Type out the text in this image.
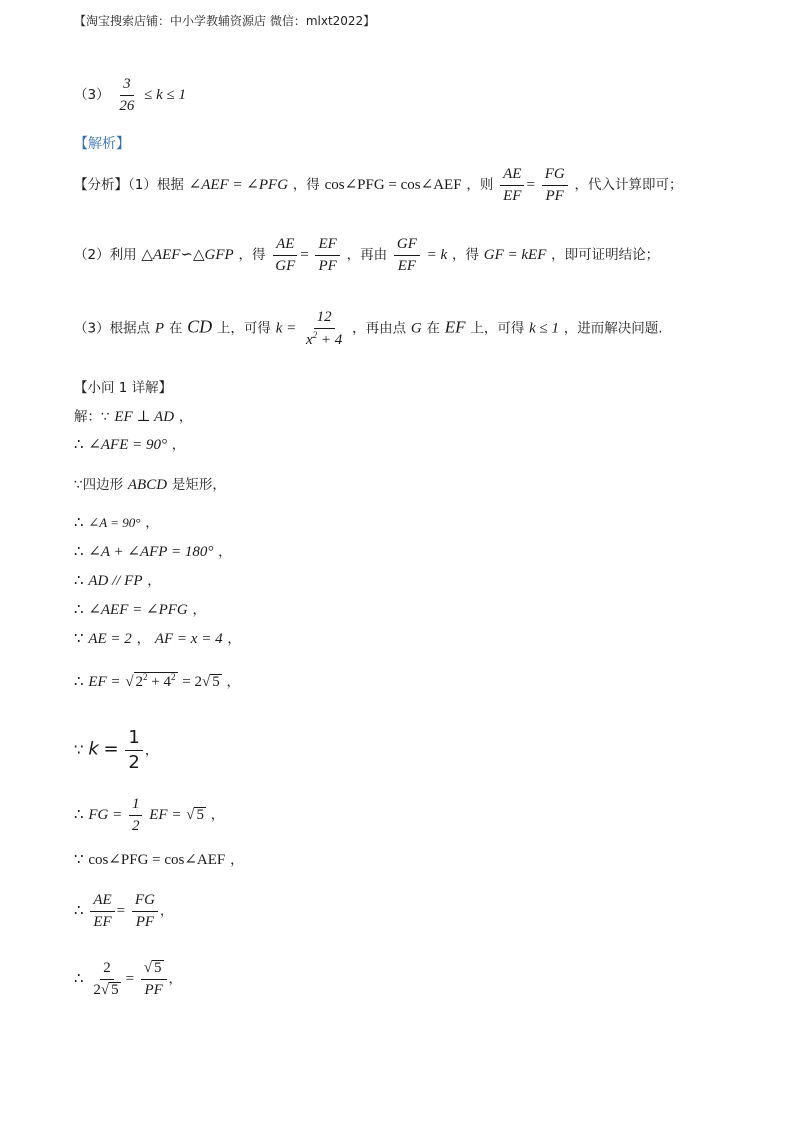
【淘宝搜索店铺：中小学教辅资源店 微信：mlxt2022】
$(3) \frac{3}{26} \le k \le 1$
【解析】
【分析】（1）根据 ∠AEF = ∠PFG ，得 cos∠PFG = cos∠AEF ，则 $\frac{AE}{EF} = \frac{FG}{PF}$ ，代入计算即可；
（2）利用 △AEF∽△GFP ，得 $\frac{AE}{GF} = \frac{EF}{PF}$ ，再由 $\frac{GF}{EF} = k$ ，得 GF = kEF ，即可证明结论；
（3）根据点 P 在 CD 上，可得 $k = \frac{12}{x^2 + 4}$ ，再由点 G 在 EF 上，可得 k ≤ 1 ，进而解决问题.
【小问 1 详解】
解：∵ EF ⊥ AD ，
∴ ∠AFE = 90° ，
∵四边形 ABCD 是矩形，
∴ ∠A = 90° ，
∴ ∠A + ∠AFP = 180° ，
∴ AD // FP ，
∴ ∠AEF = ∠PFG ，
∵ AE = 2 ， AF = x = 4 ，
∴ EF = √ $2^2 + 4^2 = 2√$ 5 ，
∵ $k = \frac{1}{2}$ ，
∴ FG = $\frac{1}{2}$ EF = √ 5 ，
∵ cos∠PFG = cos∠AEF ，
∴ $\frac{AE}{EF} = \frac{FG}{PF}$ ，
∴ $\frac{2}{2√ 5} = \frac{√ 5}{PF}$ ，
